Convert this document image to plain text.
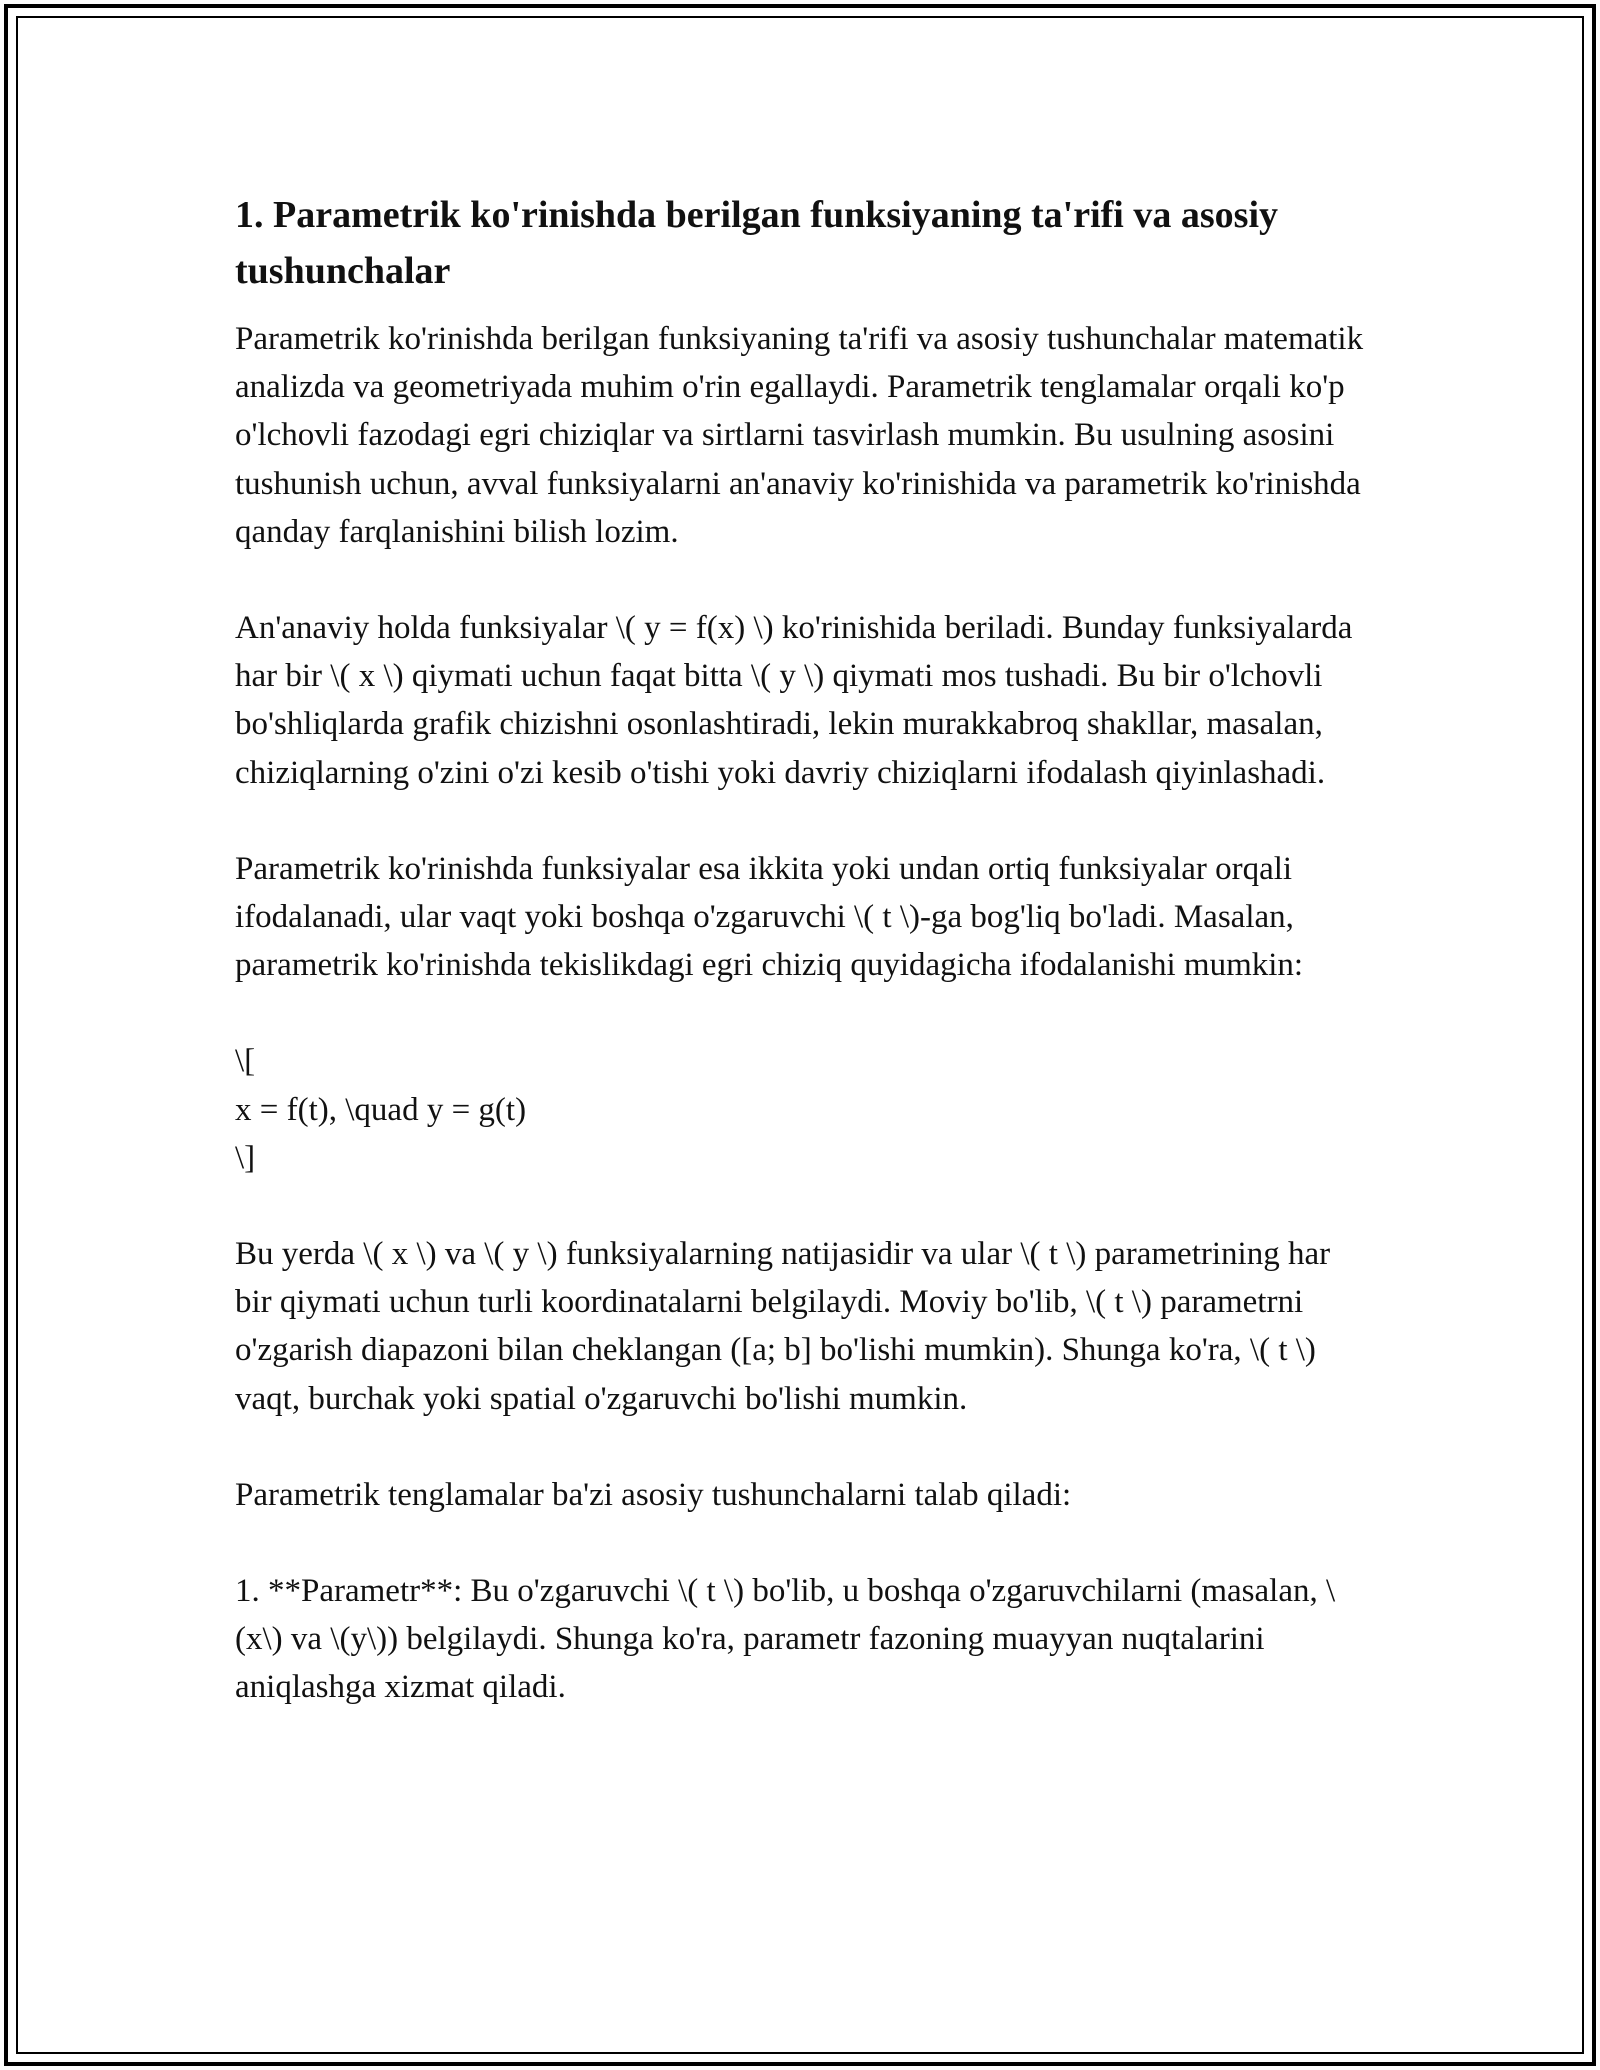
1. Parametrik ko'rinishda berilgan funksiyaning ta'rifi va asosiy tushunchalar

Parametrik ko'rinishda berilgan funksiyaning ta'rifi va asosiy tushunchalar matematik analizda va geometriyada muhim o'rin egallaydi. Parametrik tenglamalar orqali ko'p o'lchovli fazodagi egri chiziqlar va sirtlarni tasvirlash mumkin. Bu usulning asosini tushunish uchun, avval funksiyalarni an'anaviy ko'rinishida va parametrik ko'rinishda qanday farqlanishini bilish lozim.

An'anaviy holda funksiyalar \( y = f(x) \) ko'rinishida beriladi. Bunday funksiyalarda har bir \( x \) qiymati uchun faqat bitta \( y \) qiymati mos tushadi. Bu bir o'lchovli bo'shliqlarda grafik chizishni osonlashtiradi, lekin murakkabroq shakllar, masalan, chiziqlarning o'zini o'zi kesib o'tishi yoki davriy chiziqlarni ifodalash qiyinlashadi.

Parametrik ko'rinishda funksiyalar esa ikkita yoki undan ortiq funksiyalar orqali ifodalanadi, ular vaqt yoki boshqa o'zgaruvchi \( t \)-ga bog'liq bo'ladi. Masalan, parametrik ko'rinishda tekislikdagi egri chiziq quyidagicha ifodalanishi mumkin:

\[
x = f(t), \quad y = g(t)
\]

Bu yerda \( x \) va \( y \) funksiyalarning natijasidir va ular \( t \) parametrining har bir qiymati uchun turli koordinatalarni belgilaydi. Moviy bo'lib, \( t \) parametrni o'zgarish diapazoni bilan cheklangan ([a; b] bo'lishi mumkin). Shunga ko'ra, \( t \) vaqt, burchak yoki spatial o'zgaruvchi bo'lishi mumkin.

Parametrik tenglamalar ba'zi asosiy tushunchalarni talab qiladi:

1. **Parametr**: Bu o'zgaruvchi \( t \) bo'lib, u boshqa o'zgaruvchilarni (masalan, \(x\) va \(y\)) belgilaydi. Shunga ko'ra, parametr fazoning muayyan nuqtalarini aniqlashga xizmat qiladi.
